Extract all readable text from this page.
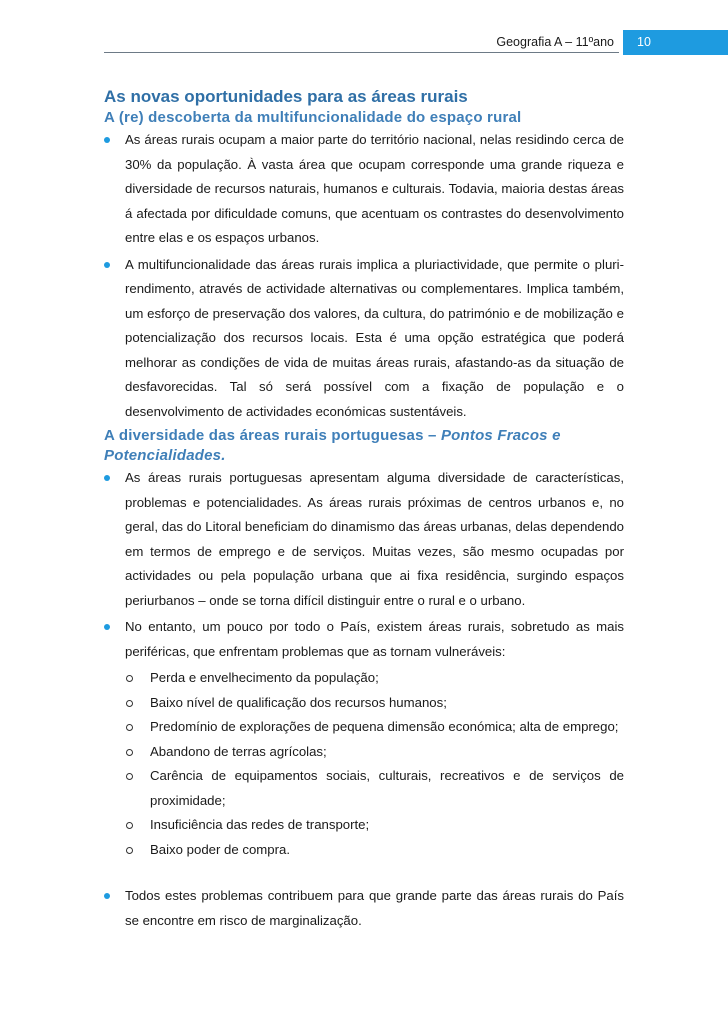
Geografia A – 11ºano	10
As novas oportunidades para as áreas rurais
A (re) descoberta da multifuncionalidade do espaço rural
As áreas rurais ocupam a maior parte do território nacional, nelas residindo cerca de 30% da população. À vasta área que ocupam corresponde uma grande riqueza e diversidade de recursos naturais, humanos e culturais. Todavia, maioria destas áreas á afectada por dificuldade comuns, que acentuam os contrastes do desenvolvimento entre elas e os espaços urbanos.
A multifuncionalidade das áreas rurais implica a pluriactividade, que permite o pluri-rendimento, através de actividade alternativas ou complementares. Implica também, um esforço de preservação dos valores, da cultura, do património e de mobilização e potencialização dos recursos locais. Esta é uma opção estratégica que poderá melhorar as condições de vida de muitas áreas rurais, afastando-as da situação de desfavorecidas. Tal só será possível com a fixação de população e o desenvolvimento de actividades económicas sustentáveis.
A diversidade das áreas rurais portuguesas – Pontos Fracos e Potencialidades.
As áreas rurais portuguesas apresentam alguma diversidade de características, problemas e potencialidades. As áreas rurais próximas de centros urbanos e, no geral, das do Litoral beneficiam do dinamismo das áreas urbanas, delas dependendo em termos de emprego e de serviços. Muitas vezes, são mesmo ocupadas por actividades ou pela população urbana que ai fixa residência, surgindo espaços periurbanos – onde se torna difícil distinguir entre o rural e o urbano.
No entanto, um pouco por todo o País, existem áreas rurais, sobretudo as mais periféricas, que enfrentam problemas que as tornam vulneráveis:
Perda e envelhecimento da população;
Baixo nível de qualificação dos recursos humanos;
Predomínio de explorações de pequena dimensão económica; alta de emprego;
Abandono de terras agrícolas;
Carência de equipamentos sociais, culturais, recreativos e de serviços de proximidade;
Insuficiência das redes de transporte;
Baixo poder de compra.
Todos estes problemas contribuem para que grande parte das áreas rurais do País se encontre em risco de marginalização.
